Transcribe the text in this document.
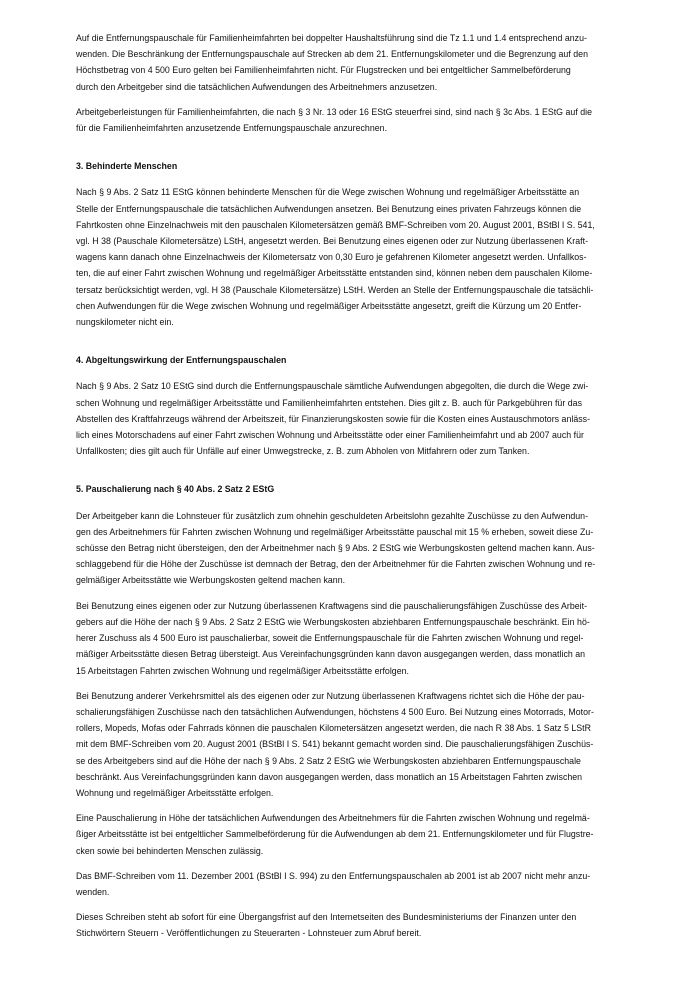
Auf die Entfernungspauschale für Familienheimfahrten bei doppelter Haushaltsführung sind die Tz 1.1 und 1.4 entsprechend anzu-
wenden. Die Beschränkung der Entfernungspauschale auf Strecken ab dem 21. Entfernungskilometer und die Begrenzung auf den
Höchstbetrag von 4 500 Euro gelten bei Familienheimfahrten nicht. Für Flugstrecken und bei entgeltlicher Sammelbeförderung
durch den Arbeitgeber sind die tatsächlichen Aufwendungen des Arbeitnehmers anzusetzen.

Arbeitgeberleistungen für Familienheimfahrten, die nach § 3 Nr. 13 oder 16 EStG steuerfrei sind, sind nach § 3c Abs. 1 EStG auf die
für die Familienheimfahrten anzusetzende Entfernungspauschale anzurechnen.

3. Behinderte Menschen

Nach § 9 Abs. 2 Satz 11 EStG können behinderte Menschen für die Wege zwischen Wohnung und regelmäßiger Arbeitsstätte an
Stelle der Entfernungspauschale die tatsächlichen Aufwendungen ansetzen. Bei Benutzung eines privaten Fahrzeugs können die
Fahrtkosten ohne Einzelnachweis mit den pauschalen Kilometersätzen gemäß BMF-Schreiben vom 20. August 2001, BStBl I S. 541,
vgl. H 38 (Pauschale Kilometersätze) LStH, angesetzt werden. Bei Benutzung eines eigenen oder zur Nutzung überlassenen Kraft-
wagens kann danach ohne Einzelnachweis der Kilometersatz von 0,30 Euro je gefahrenen Kilometer angesetzt werden. Unfallkos-
ten, die auf einer Fahrt zwischen Wohnung und regelmäßiger Arbeitsstätte entstanden sind, können neben dem pauschalen Kilome-
tersatz berücksichtigt werden, vgl. H 38 (Pauschale Kilometersätze) LStH. Werden an Stelle der Entfernungspauschale die tatsächli-
chen Aufwendungen für die Wege zwischen Wohnung und regelmäßiger Arbeitsstätte angesetzt, greift die Kürzung um 20 Entfer-
nungskilometer nicht ein.

4. Abgeltungswirkung der Entfernungspauschalen

Nach § 9 Abs. 2 Satz 10 EStG sind durch die Entfernungspauschale sämtliche Aufwendungen abgegolten, die durch die Wege zwi-
schen Wohnung und regelmäßiger Arbeitsstätte und Familienheimfahrten entstehen. Dies gilt z. B. auch für Parkgebühren für das
Abstellen des Kraftfahrzeugs während der Arbeitszeit, für Finanzierungskosten sowie für die Kosten eines Austauschmotors anläss-
lich eines Motorschadens auf einer Fahrt zwischen Wohnung und Arbeitsstätte oder einer Familienheimfahrt und ab 2007 auch für
Unfallkosten; dies gilt auch für Unfälle auf einer Umwegstrecke, z. B. zum Abholen von Mitfahrern oder zum Tanken.

5. Pauschalierung nach § 40 Abs. 2 Satz 2 EStG

Der Arbeitgeber kann die Lohnsteuer für zusätzlich zum ohnehin geschuldeten Arbeitslohn gezahlte Zuschüsse zu den Aufwendun-
gen des Arbeitnehmers für Fahrten zwischen Wohnung und regelmäßiger Arbeitsstätte pauschal mit 15 % erheben, soweit diese Zu-
schüsse den Betrag nicht übersteigen, den der Arbeitnehmer nach § 9 Abs. 2 EStG wie Werbungskosten geltend machen kann. Aus-
schlaggebend für die Höhe der Zuschüsse ist demnach der Betrag, den der Arbeitnehmer für die Fahrten zwischen Wohnung und re-
gelmäßiger Arbeitsstätte wie Werbungskosten geltend machen kann.

Bei Benutzung eines eigenen oder zur Nutzung überlassenen Kraftwagens sind die pauschalierungsfähigen Zuschüsse des Arbeit-
gebers auf die Höhe der nach § 9 Abs. 2 Satz 2 EStG wie Werbungskosten abziehbaren Entfernungspauschale beschränkt. Ein hö-
herer Zuschuss als 4 500 Euro ist pauschalierbar, soweit die Entfernungspauschale für die Fahrten zwischen Wohnung und regel-
mäßiger Arbeitsstätte diesen Betrag übersteigt. Aus Vereinfachungsgründen kann davon ausgegangen werden, dass monatlich an
15 Arbeitstagen Fahrten zwischen Wohnung und regelmäßiger Arbeitsstätte erfolgen.

Bei Benutzung anderer Verkehrsmittel als des eigenen oder zur Nutzung überlassenen Kraftwagens richtet sich die Höhe der pau-
schalierungsfähigen Zuschüsse nach den tatsächlichen Aufwendungen, höchstens 4 500 Euro. Bei Nutzung eines Motorrads, Motor-
rollers, Mopeds, Mofas oder Fahrrads können die pauschalen Kilometersätzen angesetzt werden, die nach R 38 Abs. 1 Satz 5 LStR
mit dem BMF-Schreiben vom 20. August 2001 (BStBl I S. 541) bekannt gemacht worden sind. Die pauschalierungsfähigen Zuschüs-
se des Arbeitgebers sind auf die Höhe der nach § 9 Abs. 2 Satz 2 EStG wie Werbungskosten abziehbaren Entfernungspauschale
beschränkt. Aus Vereinfachungsgründen kann davon ausgegangen werden, dass monatlich an 15 Arbeitstagen Fahrten zwischen
Wohnung und regelmäßiger Arbeitsstätte erfolgen.

Eine Pauschalierung in Höhe der tatsächlichen Aufwendungen des Arbeitnehmers für die Fahrten zwischen Wohnung und regelmä-
ßiger Arbeitsstätte ist bei entgeltlicher Sammelbeförderung für die Aufwendungen ab dem 21. Entfernungskilometer und für Flugstre-
cken sowie bei behinderten Menschen zulässig.

Das BMF-Schreiben vom 11. Dezember 2001 (BStBl I S. 994) zu den Entfernungspauschalen ab 2001 ist ab 2007 nicht mehr anzu-
wenden.

Dieses Schreiben steht ab sofort für eine Übergangsfrist auf den Internetseiten des Bundesministeriums der Finanzen unter den
Stichwörtern Steuern - Veröffentlichungen zu Steuerarten - Lohnsteuer zum Abruf bereit.
